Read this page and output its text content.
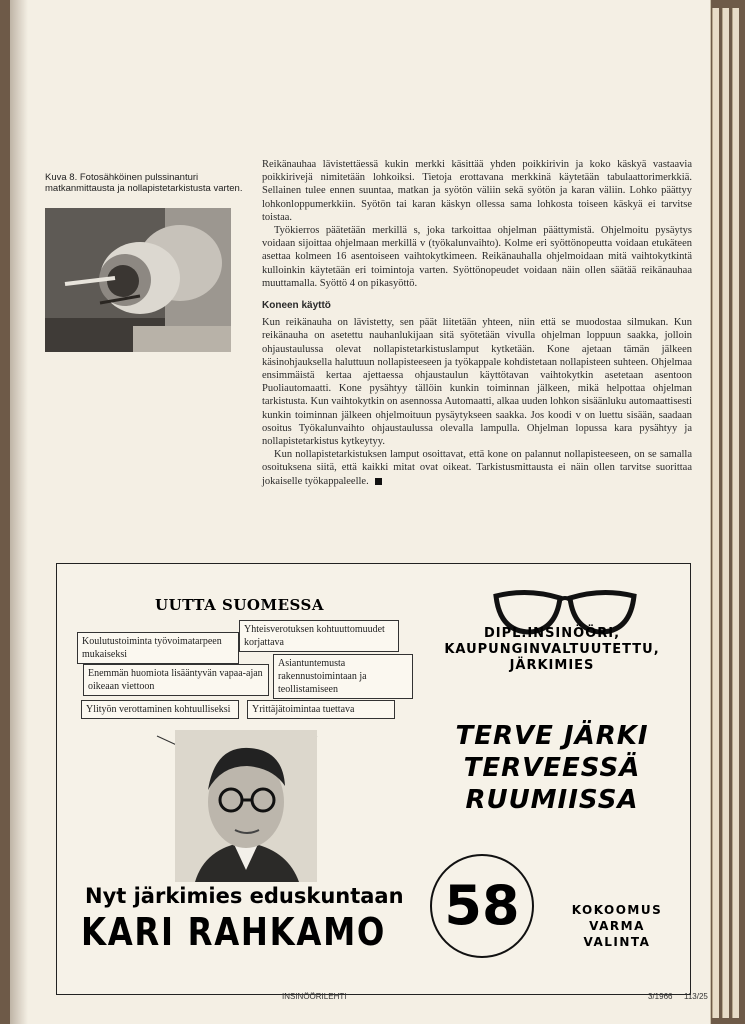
Kuva 8. Fotosähköinen pulssinanturi matkanmittausta ja nollapistetarkistusta varten.

Reikänauhaa lävistettäessä kukin merkki käsittää yhden poikkirivin ja koko käskyä vastaavia poikkirivejä nimitetään lohkoiksi. Tietoja erottavana merkkinä käytetään tabulaattorimerkkiä. Sellainen tulee ennen suuntaa, matkan ja syötön väliin sekä syötön ja karan väliin. Lohko päättyy lohkonloppumerkkiin. Syötön tai karan käskyn ollessa sama lohkosta toiseen käskyä ei tarvitse toistaa.

Työkierros päätetään merkillä s, joka tarkoittaa ohjelman päättymistä. Ohjelmoitu pysäytys voidaan sijoittaa ohjelmaan merkillä v (työkalunvaihto). Kolme eri syöttönopeutta voidaan etukäteen asettaa kolmeen 16 asentoiseen vaihtokytkimeen. Reikänauhalla ohjelmoidaan mitä vaihtokytkintä kulloinkin käytetään eri toimintoja varten. Syöttönopeudet voidaan näin ollen säätää reikänauhaa muuttamalla. Syöttö 4 on pikasyöttö.

Koneen käyttö

Kun reikänauha on lävistetty, sen päät liitetään yhteen, niin että se muodostaa silmukan. Kun reikänauha on asetettu nauhanlukijaan sitä syötetään vivulla ohjelman loppuun saakka, jolloin ohjaustaulussa olevat nollapistetarkistuslamput kytketään. Kone ajetaan tämän jälkeen käsinohjauksella haluttuun nollapisteeseen ja työkappale kohdistetaan nollapisteen suhteen. Ohjelmaa ensimmäistä kertaa ajettaessa ohjaustaulun käyttötavan vaihtokytkin asetetaan asentoon Puoliautomaatti. Kone pysähtyy tällöin kunkin toiminnan jälkeen, mikä helpottaa ohjelman tarkistusta. Kun vaihtokytkin on asennossa Automaatti, alkaa uuden lohkon sisäänluku automaattisesti kunkin toiminnan jälkeen ohjelmoituun pysäytykseen saakka. Jos koodi v on luettu sisään, saadaan osoitus Työkalunvaihto ohjaustaulussa olevalla lampulla. Ohjelman lopussa kara pysähtyy ja nollapistetarkistus kytkeytyy.

Kun nollapistetarkistuksen lamput osoittavat, että kone on palannut nollapisteeseen, on se samalla osoituksena siitä, että kaikki mitat ovat oikeat. Tarkistusmittausta ei näin ollen tarvitse suorittaa jokaiselle työkappaleelle.

UUTTA SUOMESSA
Koulutustoiminta työvoimatarpeen mukaiseksi
Yhteisverotuksen kohtuuttomuudet korjattava
Enemmän huomiota lisääntyvän vapaa-ajan oikeaan viettoon
Asiantuntemusta rakennustoimintaan ja teollistamiseen
Ylityön verottaminen kohtuulliseksi	Yrittäjätoimintaa tuettava
Nyt järkimies eduskuntaan
KARI RAHKAMO 58
DIPL.INSINÖÖRI,
KAUPUNGINVALTUUTETTU,
JÄRKIMIES
TERVE JÄRKI
TERVEESSÄ
RUUMIISSA
KOKOOMUS
VARMA
VALINTA
INSINÖÖRILEHTI	3/1966 113/25
